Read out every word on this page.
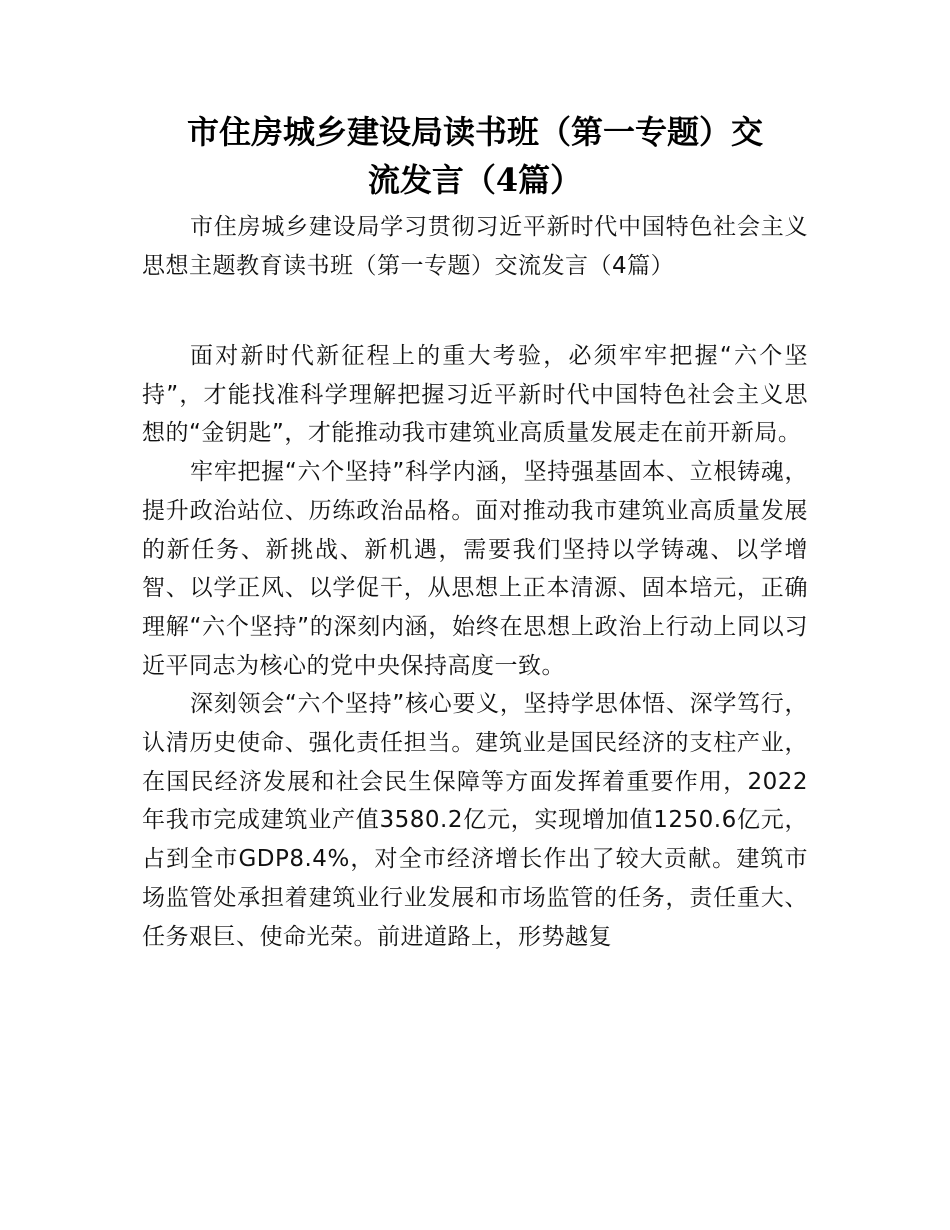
市住房城乡建设局读书班（第一专题）交
流发言（4篇）

市住房城乡建设局学习贯彻习近平新时代中国特色社会主义思想主题教育读书班（第一专题）交流发言（4篇）

面对新时代新征程上的重大考验，必须牢牢把握“六个坚持”，才能找准科学理解把握习近平新时代中国特色社会主义思想的“金钥匙”，才能推动我市建筑业高质量发展走在前开新局。

牢牢把握“六个坚持”科学内涵，坚持强基固本、立根铸魂，提升政治站位、历练政治品格。面对推动我市建筑业高质量发展的新任务、新挑战、新机遇，需要我们坚持以学铸魂、以学增智、以学正风、以学促干，从思想上正本清源、固本培元，正确理解“六个坚持”的深刻内涵，始终在思想上政治上行动上同以习近平同志为核心的党中央保持高度一致。

深刻领会“六个坚持”核心要义，坚持学思体悟、深学笃行，认清历史使命、强化责任担当。建筑业是国民经济的支柱产业，在国民经济发展和社会民生保障等方面发挥着重要作用，2022年我市完成建筑业产值3580.2亿元，实现增加值1250.6亿元，占到全市GDP8.4%，对全市经济增长作出了较大贡献。建筑市场监管处承担着建筑业行业发展和市场监管的任务，责任重大、任务艰巨、使命光荣。前进道路上，形势越复
